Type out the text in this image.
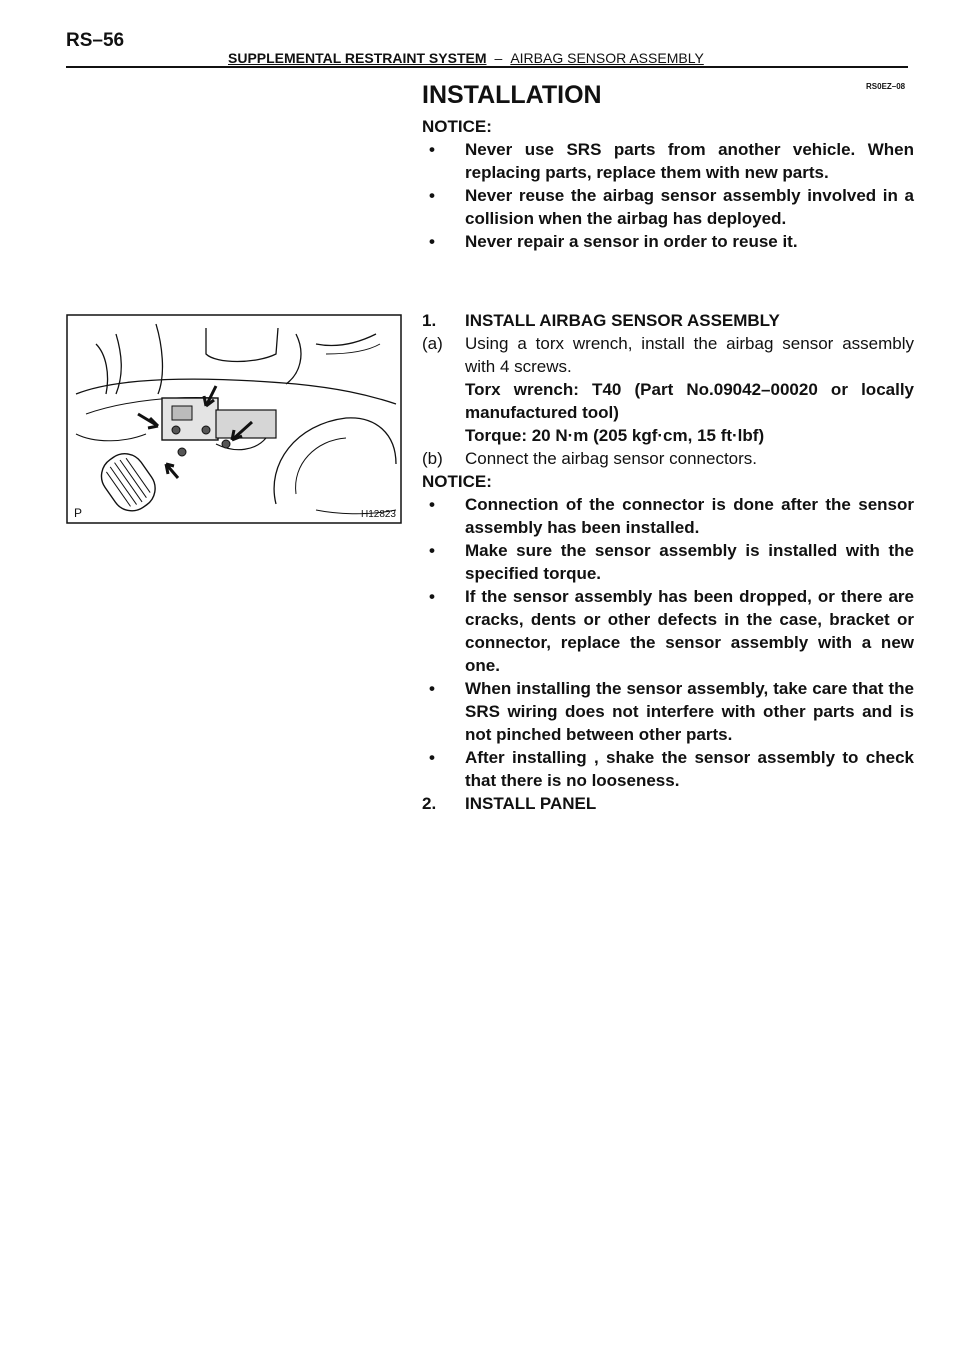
RS–56
SUPPLEMENTAL RESTRAINT SYSTEM – AIRBAG SENSOR ASSEMBLY
RS0EZ–08
P	H12823
INSTALLATION
NOTICE:
• Never use SRS parts from another vehicle. When replacing parts, replace them with new parts.
• Never reuse the airbag sensor assembly involved in a collision when the airbag has deployed.
• Never repair a sensor in order to reuse it.
1. INSTALL AIRBAG SENSOR ASSEMBLY
(a) Using a torx wrench, install the airbag sensor assembly with 4 screws.
Torx wrench: T40 (Part No.09042–00020 or locally manufactured tool)
Torque: 20 N·m (205 kgf·cm, 15 ft·lbf)
(b) Connect the airbag sensor connectors.
NOTICE:
• Connection of the connector is done after the sensor assembly has been installed.
• Make sure the sensor assembly is installed with the specified torque.
• If the sensor assembly has been dropped, or there are cracks, dents or other defects in the case, bracket or connector, replace the sensor assembly with a new one.
• When installing the sensor assembly, take care that the SRS wiring does not interfere with other parts and is not pinched between other parts.
• After installing , shake the sensor assembly to check that there is no looseness.
2. INSTALL PANEL
